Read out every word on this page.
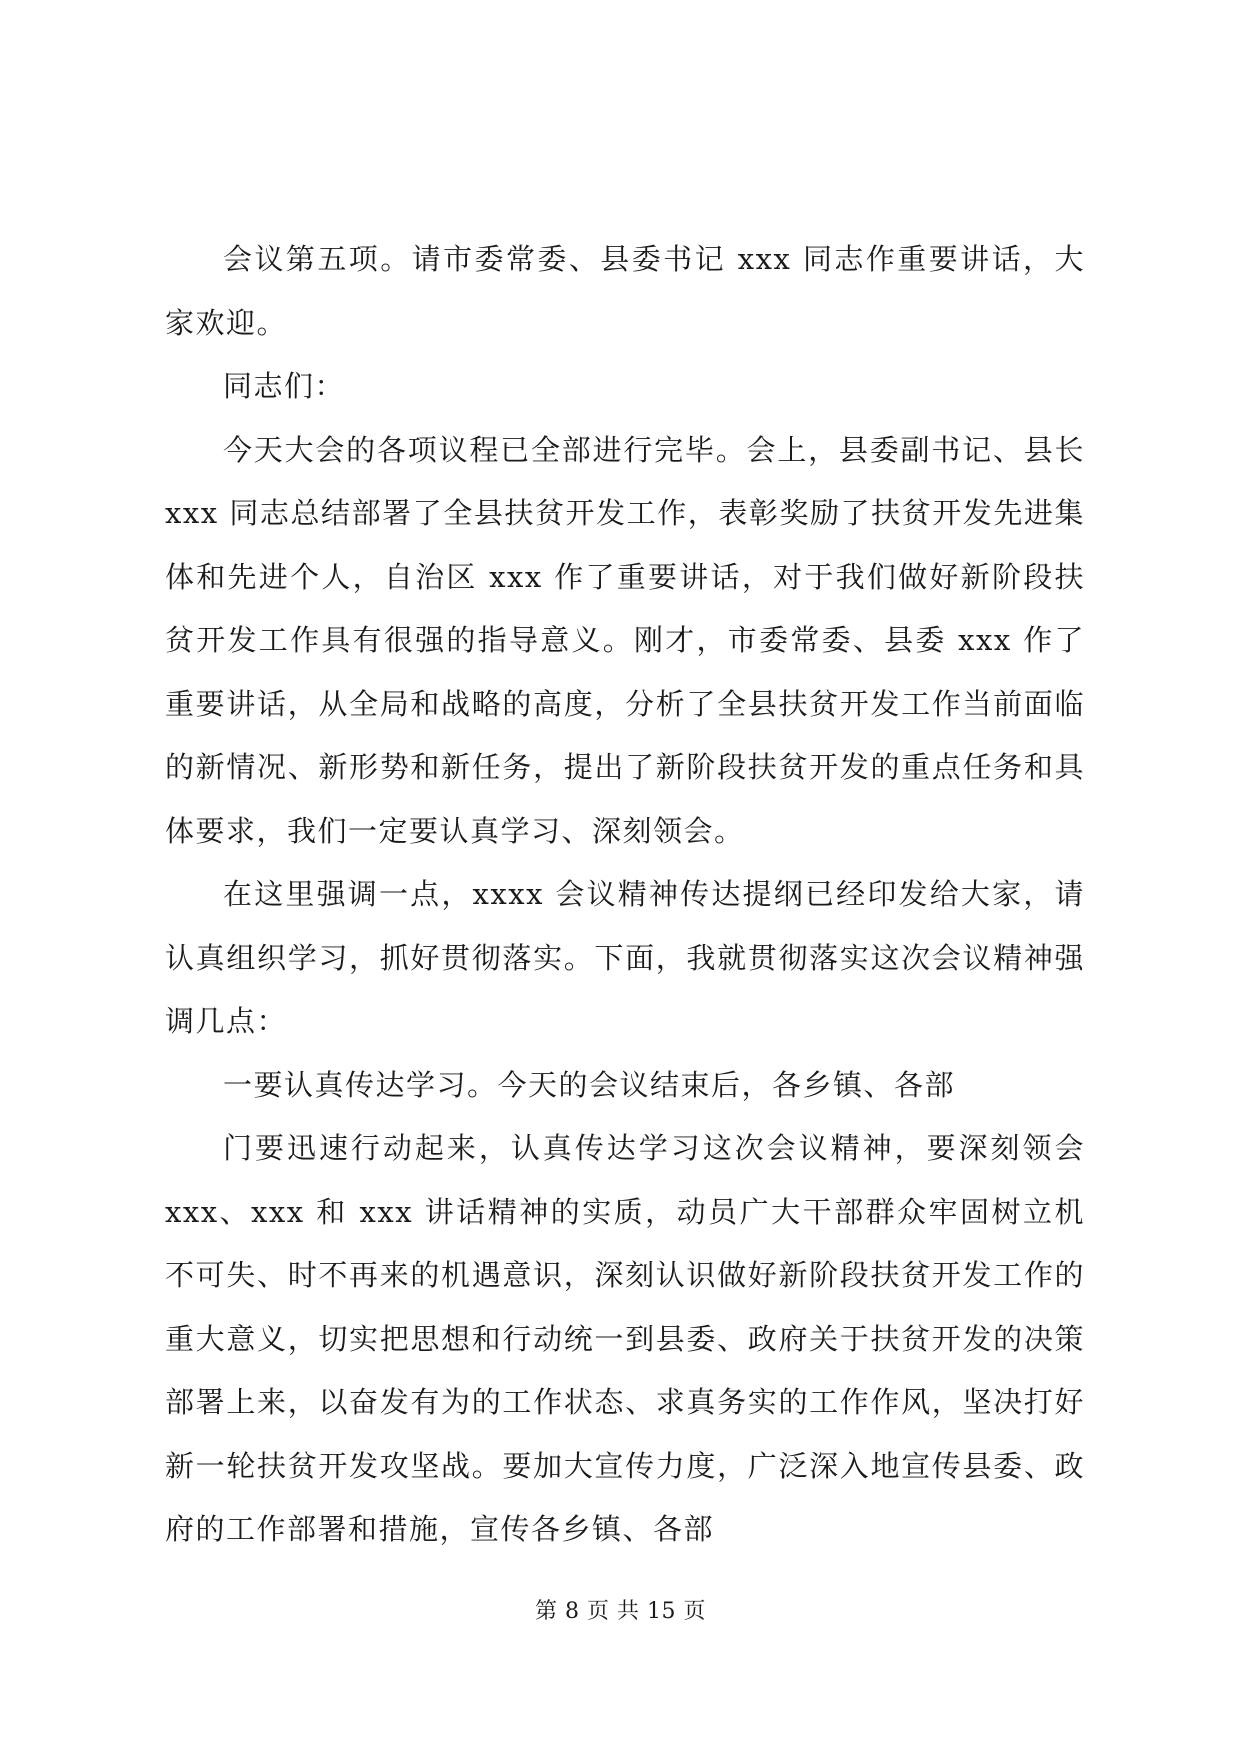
会议第五项。请市委常委、县委书记 xxx 同志作重要讲话，大家欢迎。

同志们：

今天大会的各项议程已全部进行完毕。会上，县委副书记、县长 xxx 同志总结部署了全县扶贫开发工作，表彰奖励了扶贫开发先进集体和先进个人，自治区 xxx 作了重要讲话，对于我们做好新阶段扶贫开发工作具有很强的指导意义。刚才，市委常委、县委 xxx 作了重要讲话，从全局和战略的高度，分析了全县扶贫开发工作当前面临的新情况、新形势和新任务，提出了新阶段扶贫开发的重点任务和具体要求，我们一定要认真学习、深刻领会。

在这里强调一点，xxxx 会议精神传达提纲已经印发给大家，请认真组织学习，抓好贯彻落实。下面，我就贯彻落实这次会议精神强调几点：

一要认真传达学习。今天的会议结束后，各乡镇、各部

门要迅速行动起来，认真传达学习这次会议精神，要深刻领会 xxx、xxx 和 xxx 讲话精神的实质，动员广大干部群众牢固树立机不可失、时不再来的机遇意识，深刻认识做好新阶段扶贫开发工作的重大意义，切实把思想和行动统一到县委、政府关于扶贫开发的决策部署上来，以奋发有为的工作状态、求真务实的工作作风，坚决打好新一轮扶贫开发攻坚战。要加大宣传力度，广泛深入地宣传县委、政府的工作部署和措施，宣传各乡镇、各部

第 8 页 共 15 页
